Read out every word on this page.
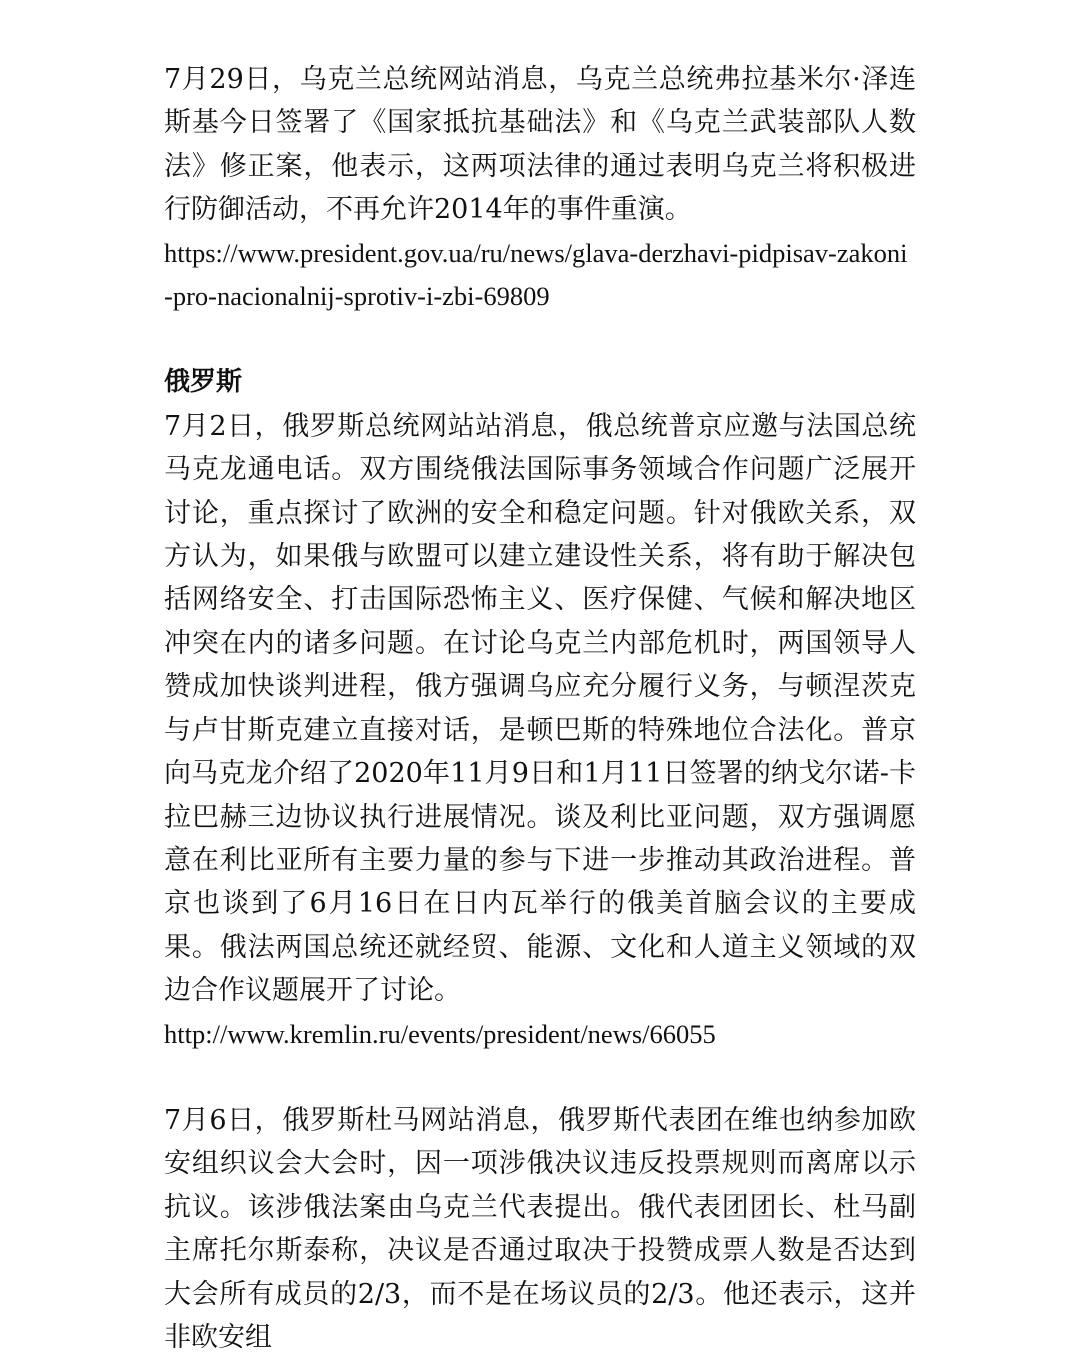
7月29日，乌克兰总统网站消息，乌克兰总统弗拉基米尔·泽连斯基今日签署了《国家抵抗基础法》和《乌克兰武装部队人数法》修正案，他表示，这两项法律的通过表明乌克兰将积极进行防御活动，不再允许2014年的事件重演。

https://www.president.gov.ua/ru/news/glava-derzhavi-pidpisav-zakoni-pro-nacionalnij-sprotiv-i-zbi-69809

俄罗斯

7月2日，俄罗斯总统网站站消息，俄总统普京应邀与法国总统马克龙通电话。双方围绕俄法国际事务领域合作问题广泛展开讨论，重点探讨了欧洲的安全和稳定问题。针对俄欧关系，双方认为，如果俄与欧盟可以建立建设性关系，将有助于解决包括网络安全、打击国际恐怖主义、医疗保健、气候和解决地区冲突在内的诸多问题。在讨论乌克兰内部危机时，两国领导人赞成加快谈判进程，俄方强调乌应充分履行义务，与顿涅茨克与卢甘斯克建立直接对话，是顿巴斯的特殊地位合法化。普京向马克龙介绍了2020年11月9日和1月11日签署的纳戈尔诺-卡拉巴赫三边协议执行进展情况。谈及利比亚问题，双方强调愿意在利比亚所有主要力量的参与下进一步推动其政治进程。普京也谈到了6月16日在日内瓦举行的俄美首脑会议的主要成果。俄法两国总统还就经贸、能源、文化和人道主义领域的双边合作议题展开了讨论。

http://www.kremlin.ru/events/president/news/66055

7月6日，俄罗斯杜马网站消息，俄罗斯代表团在维也纳参加欧安组织议会大会时，因一项涉俄决议违反投票规则而离席以示抗议。该涉俄法案由乌克兰代表提出。俄代表团团长、杜马副主席托尔斯泰称，决议是否通过取决于投赞成票人数是否达到大会所有成员的2/3，而不是在场议员的2/3。他还表示，这并非欧安组
